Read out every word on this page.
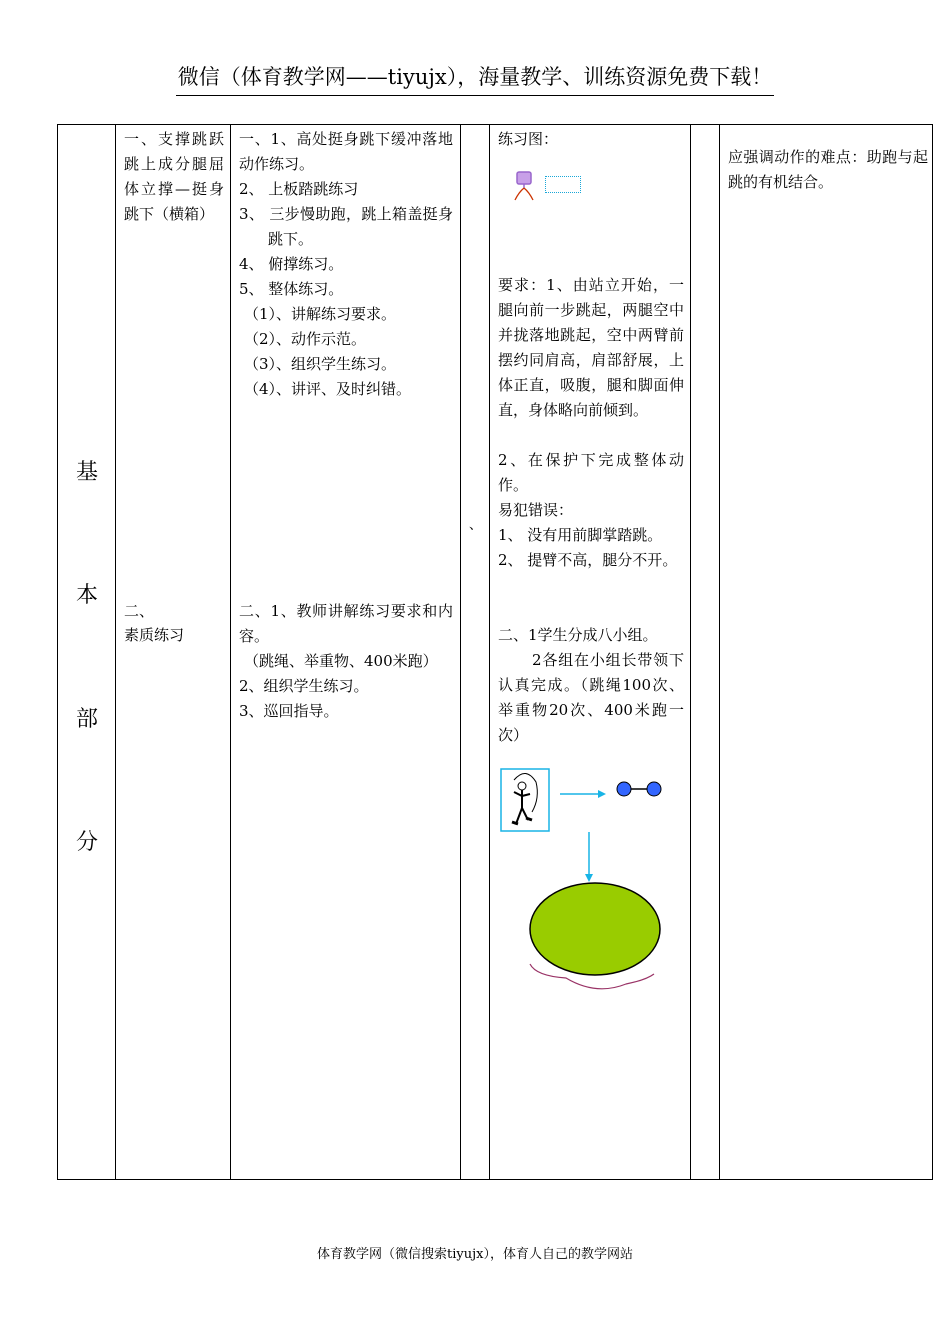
微信（体育教学网——tiyujx），海量教学、训练资源免费下载！
基
本
部
分
一、支撑跳跃跳上成分腿屈体立撑—挺身跳下（横箱）
二、
素质练习
一、1、高处挺身跳下缓冲落地动作练习。
2、 上板踏跳练习
3、 三步慢助跑，跳上箱盖挺身跳下。
4、 俯撑练习。
5、 整体练习。
（1）、讲解练习要求。
（2）、动作示范。
（3）、组织学生练习。
（4）、讲评、及时纠错。
二、1、教师讲解练习要求和内容。
（跳绳、举重物、400米跑）
2、组织学生练习。
3、巡回指导。
、
练习图：
要求：1、由站立开始，一腿向前一步跳起，两腿空中并拢落地跳起，空中两臂前摆约同肩高，肩部舒展，上体正直，吸腹，腿和脚面伸直，身体略向前倾到。
2、在保护下完成整体动作。
易犯错误：
1、 没有用前脚掌踏跳。
2、 提臂不高，腿分不开。
二、1学生分成八小组。
2各组在小组长带领下认真完成。（跳绳100次、举重物20次、400米跑一次）
应强调动作的难点：助跑与起跳的有机结合。
体育教学网（微信搜索tiyujx），体育人自己的教学网站
